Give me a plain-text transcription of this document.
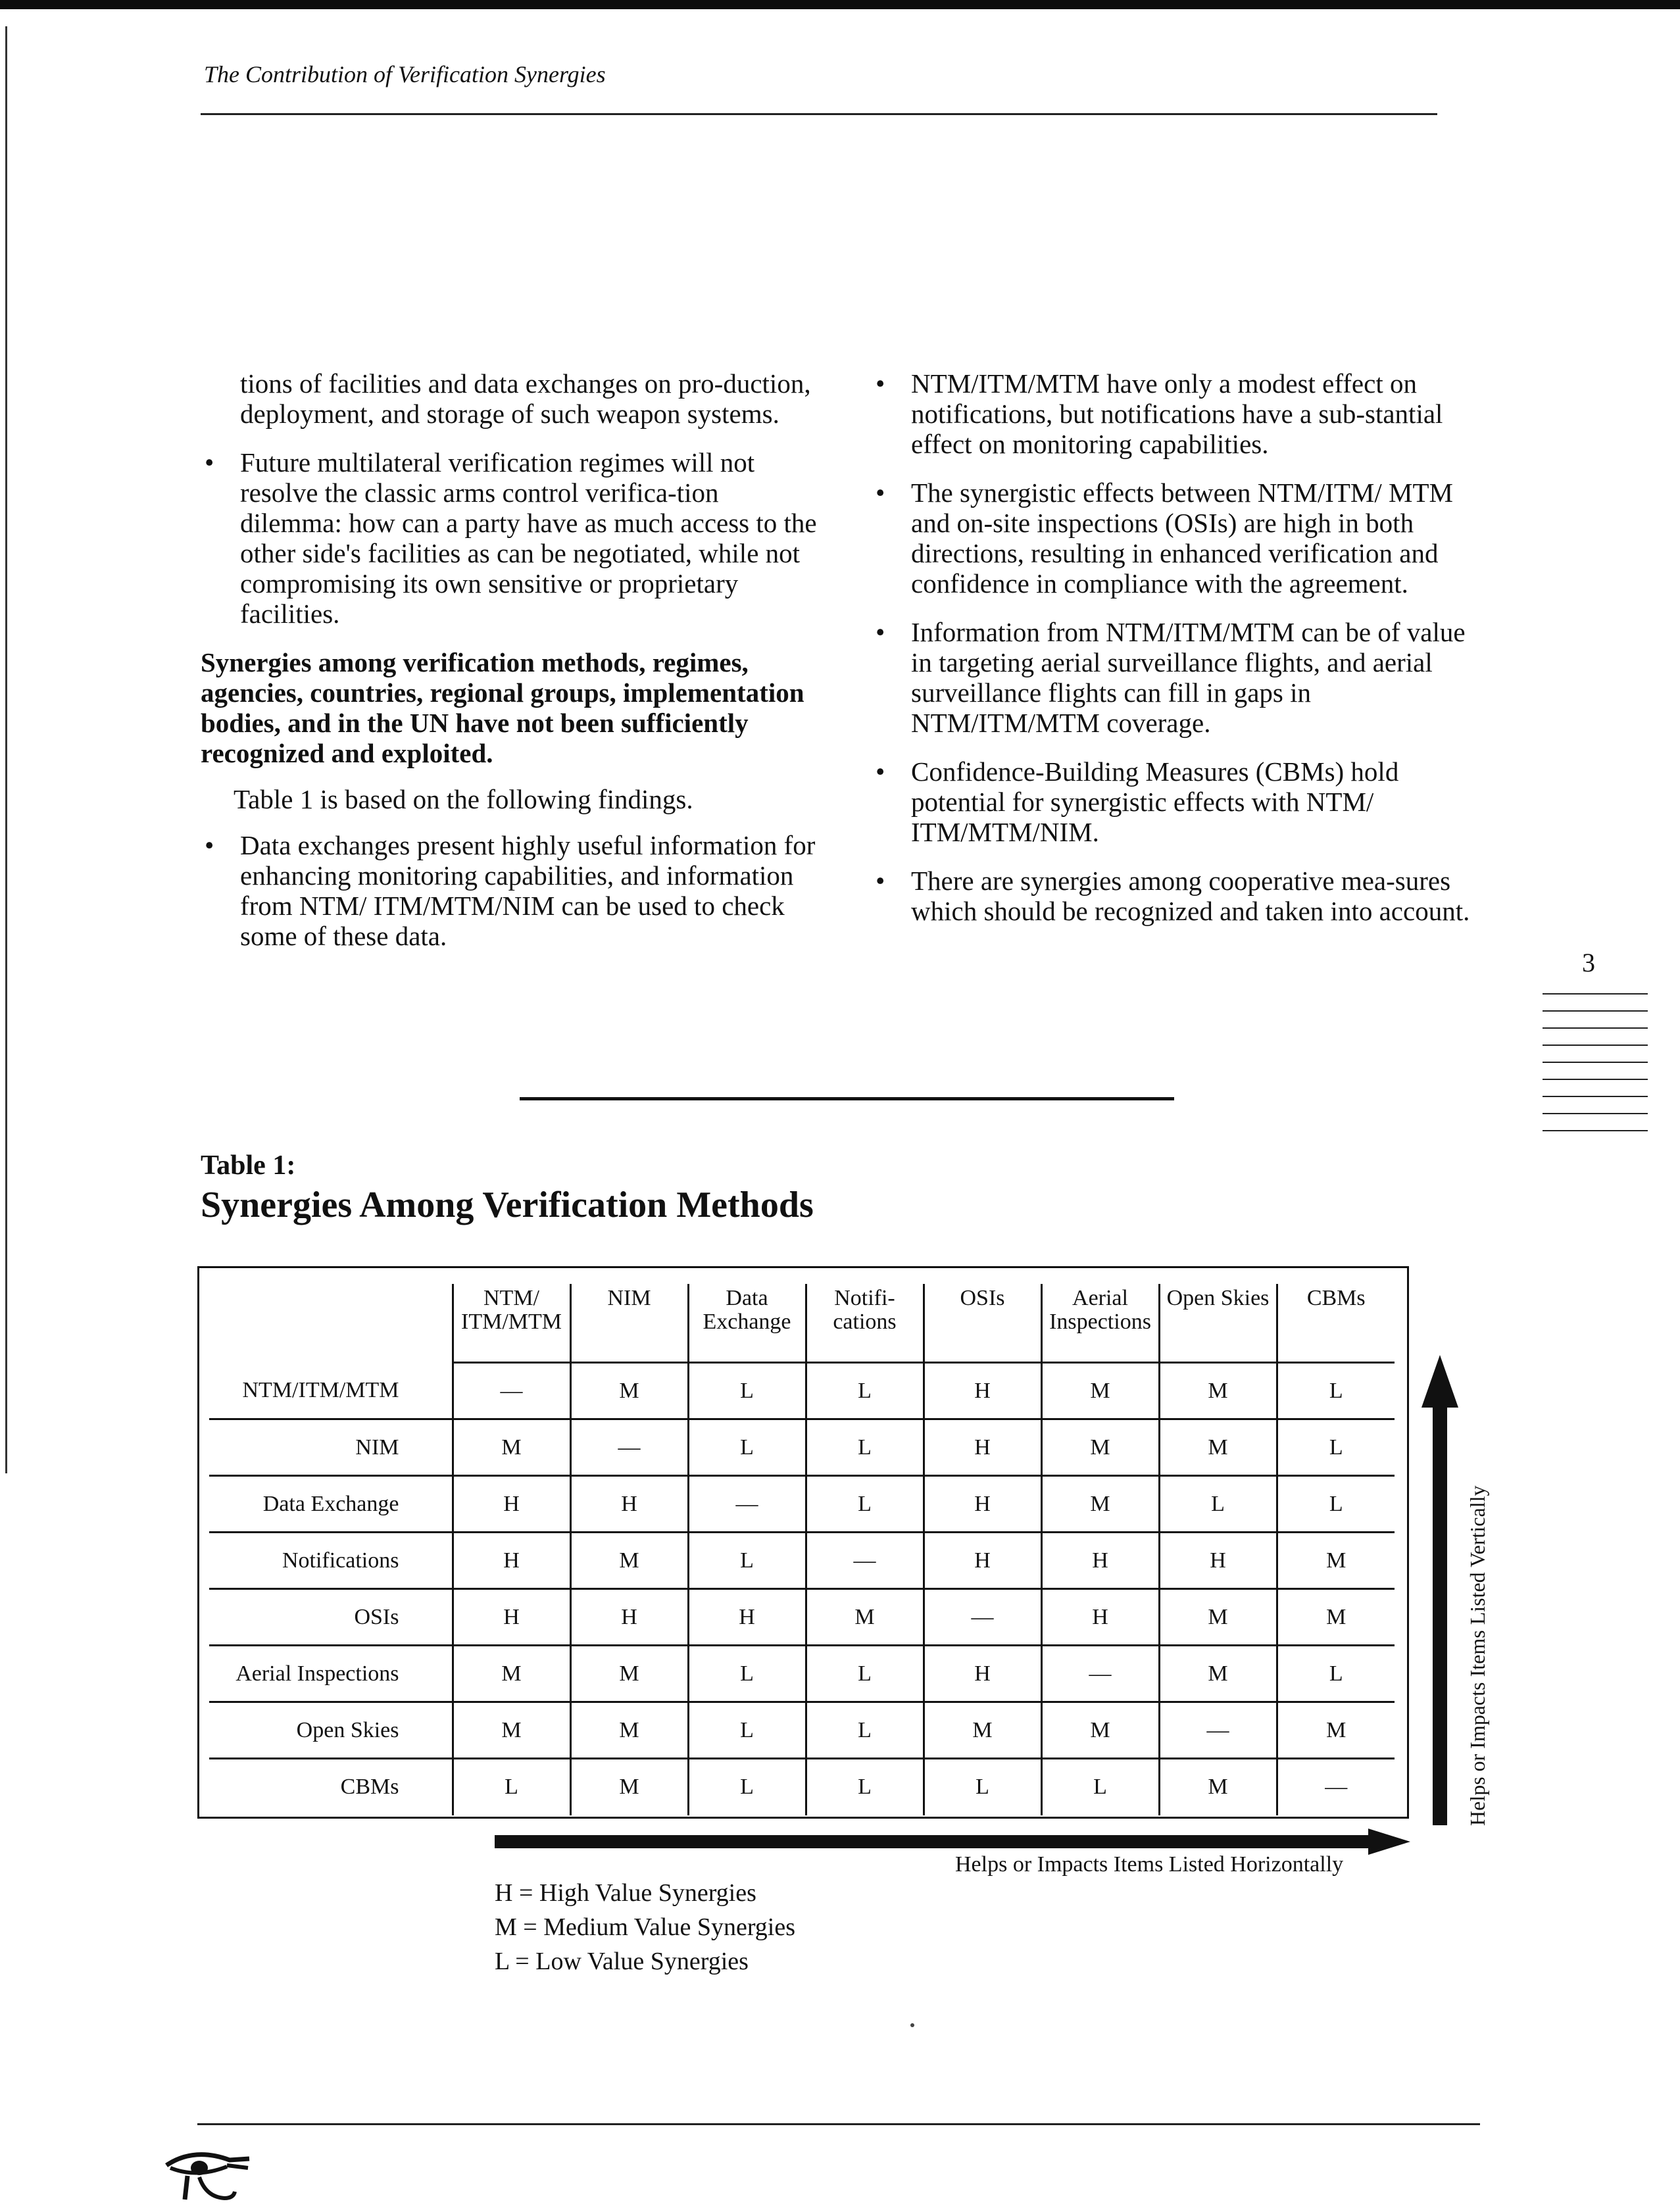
The Contribution of Verification Synergies

tions of facilities and data exchanges on pro-duction, deployment, and storage of such weapon systems.

• Future multilateral verification regimes will not resolve the classic arms control verifica-tion dilemma: how can a party have as much access to the other side's facilities as can be negotiated, while not compromising its own sensitive or proprietary facilities.

Synergies among verification methods, regimes, agencies, countries, regional groups, implementation bodies, and in the UN have not been sufficiently recognized and exploited.

Table 1 is based on the following findings.

• Data exchanges present highly useful information for enhancing monitoring capabilities, and information from NTM/ ITM/MTM/NIM can be used to check some of these data.
• NTM/ITM/MTM have only a modest effect on notifications, but notifications have a sub-stantial effect on monitoring capabilities.
• The synergistic effects between NTM/ITM/ MTM and on-site inspections (OSIs) are high in both directions, resulting in enhanced verification and confidence in compliance with the agreement.
• Information from NTM/ITM/MTM can be of value in targeting aerial surveillance flights, and aerial surveillance flights can fill in gaps in NTM/ITM/MTM coverage.
• Confidence-Building Measures (CBMs) hold potential for synergistic effects with NTM/ ITM/MTM/NIM.
• There are synergies among cooperative mea-sures which should be recognized and taken into account.
3
Table 1:
Synergies Among Verification Methods
	NTM/ ITM/MTM	NIM	Data Exchange	Notifi-cations	OSIs	Aerial Inspections	Open Skies	CBMs
NTM/ITM/MTM	—	M	L	L	H	M	M	L
NIM	M	—	L	L	H	M	M	L
Data Exchange	H	H	—	L	H	M	L	L
Notifications	H	M	L	—	H	H	H	M
OSIs	H	H	H	M	—	H	M	M
Aerial Inspections	M	M	L	L	H	—	M	L
Open Skies	M	M	L	L	M	M	—	M
CBMs	L	M	L	L	L	L	M	—	Helps or Impacts Items Listed Vertically
Helps or Impacts Items Listed Horizontally
H = High Value Synergies
M = Medium Value Synergies
L = Low Value Synergies
